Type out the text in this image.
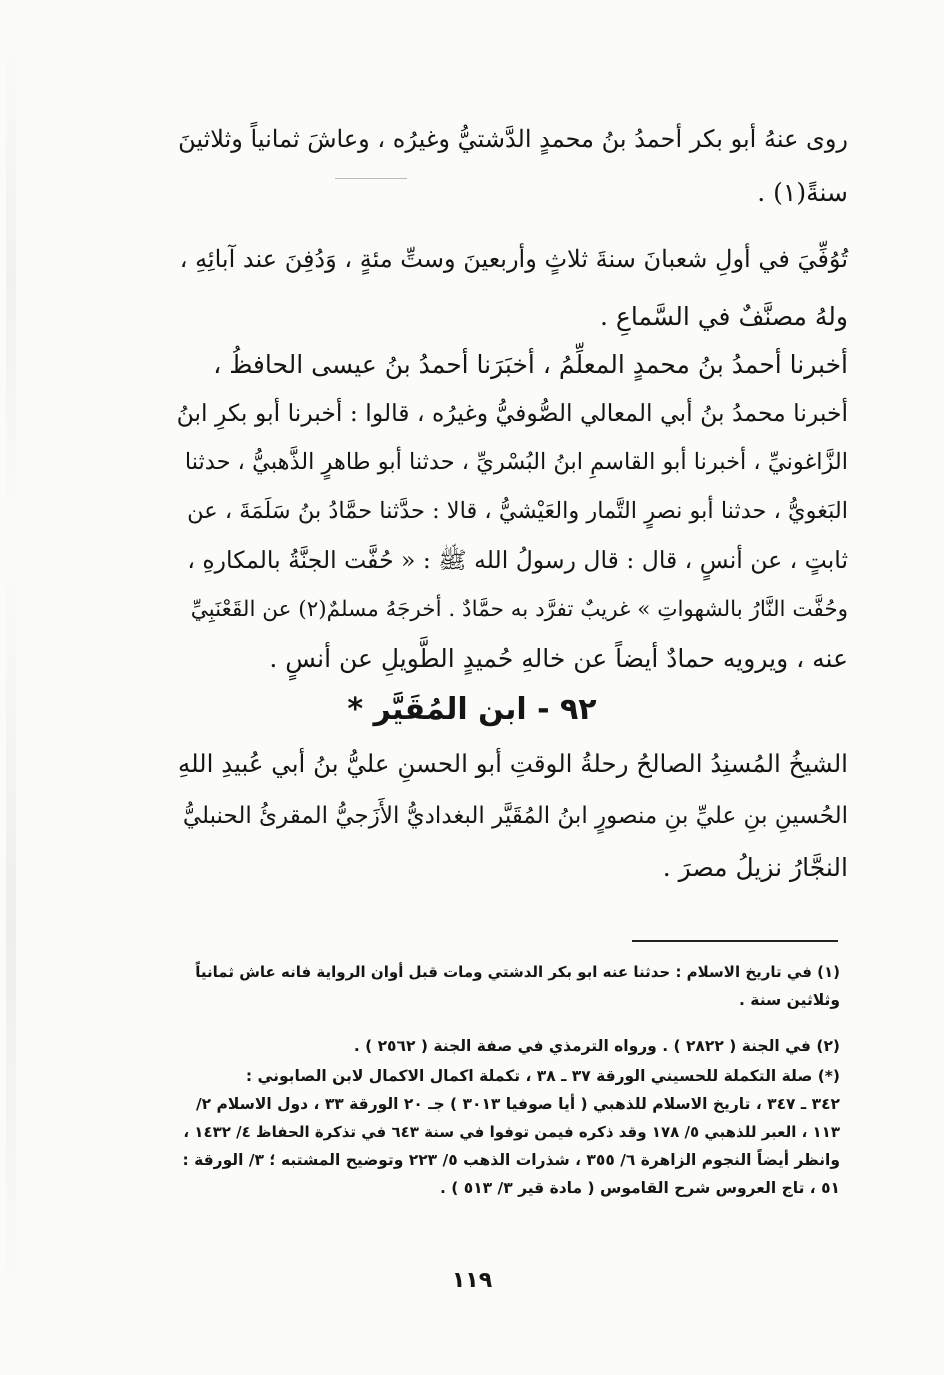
روى عنهُ أبو بكر أحمدُ بنُ محمدٍ الدَّشتيُّ وغيرُه ، وعاشَ ثمانياً وثلاثينَ
سنةً(١) .
تُوُفِّيَ في أولِ شعبانَ سنةَ ثلاثٍ وأربعينَ وستِّ مئةٍ ، وَدُفِنَ عند آبائِهِ ،
ولهُ مصنَّفٌ في السَّماعِ .
أخبرنا أحمدُ بنُ محمدٍ المعلِّمُ ، أخبَرَنا أحمدُ بنُ عيسى الحافظُ ،
أخبرنا محمدُ بنُ أبي المعالي الصُّوفيُّ وغيرُه ، قالوا : أخبرنا أبو بكرِ ابنُ
الزَّاغونيِّ ، أخبرنا أبو القاسمِ ابنُ البُسْريِّ ، حدثنا أبو طاهرٍ الذَّهبيُّ ، حدثنا
البَغويُّ ، حدثنا أبو نصرٍ التَّمار والعَيْشيُّ ، قالا : حدَّثنا حمَّادُ بنُ سَلَمَةَ ، عن
ثابتٍ ، عن أنسٍ ، قال : قال رسولُ الله ﷺ : « حُفَّت الجنَّةُ بالمكارهِ ،
وحُفَّت النَّارُ بالشهواتِ » غريبٌ تفرَّد به حمَّادٌ . أخرجَهُ مسلمٌ(٢) عن القَعْنَبِيِّ
عنه ، ويرويه حمادٌ أيضاً عن خالهِ حُميدٍ الطَّويلِ عن أنسٍ .
٩٢ - ابن المُقَيَّر *
الشيخُ المُسنِدُ الصالحُ رحلةُ الوقتِ أبو الحسنِ عليُّ بنُ أبي عُبيدِ اللهِ
الحُسينِ بنِ عليِّ بنِ منصورٍ ابنُ المُقَيَّر البغداديُّ الأَزَجيُّ المقرئُ الحنبليُّ
النجَّارُ نزيلُ مصرَ .
(١) في تاريخ الاسلام : حدثنا عنه ابو بكر الدشتي ومات قبل أوان الرواية فانه عاش ثمانياً
وثلاثين سنة .
(٢) في الجنة ( ٢٨٢٢ ) . ورواه الترمذي في صفة الجنة ( ٢٥٦٢ ) .
(*) صلة التكملة للحسيني الورقة ٣٧ ـ ٣٨ ، تكملة اكمال الاكمال لابن الصابوني :
٣٤٢ ـ ٣٤٧ ، تاريخ الاسلام للذهبي ( أيا صوفيا ٣٠١٣ ) جـ ٢٠ الورقة ٣٣ ، دول الاسلام ٢/
١١٣ ، العبر للذهبي ٥/ ١٧٨ وقد ذكره فيمن توفوا في سنة ٦٤٣ في تذكرة الحفاظ ٤/ ١٤٣٢ ،
وانظر أيضاً النجوم الزاهرة ٦/ ٣٥٥ ، شذرات الذهب ٥/ ٢٢٣ وتوضيح المشتبه ؛ ٣/ الورقة :
٥١ ، تاج العروس شرح القاموس ( مادة قير ٣/ ٥١٣ ) .
١١٩
